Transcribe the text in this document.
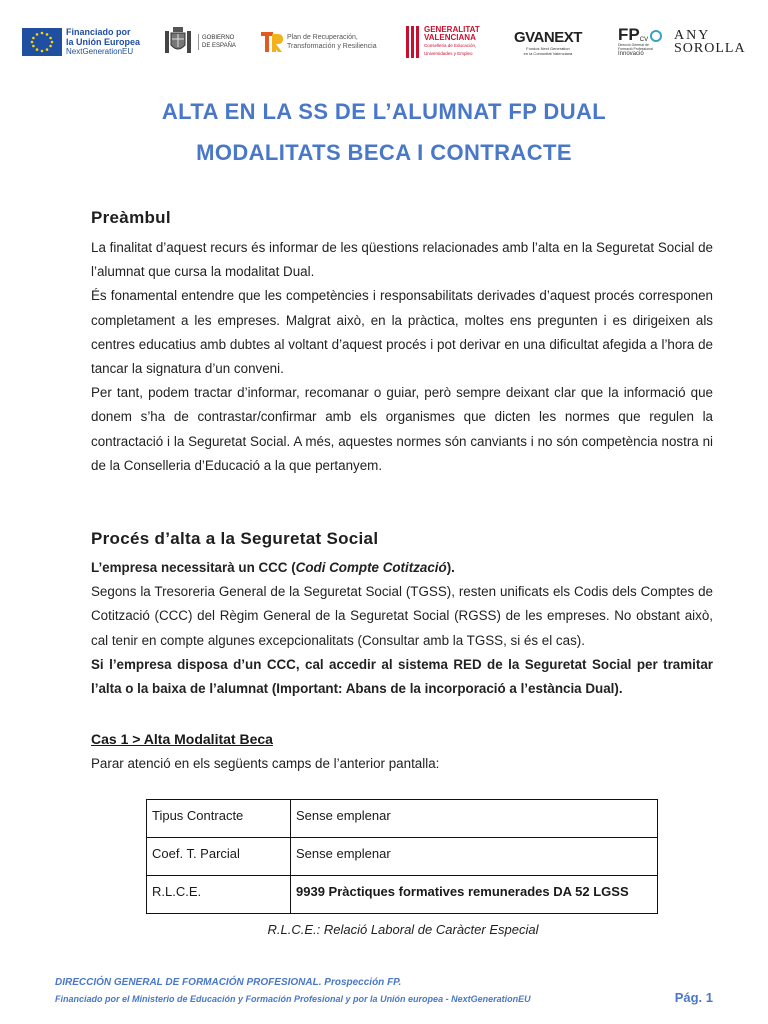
Financiado por
la Unión Europea
NextGenerationEU
GOBIERNO
DE ESPAÑA
Plan de Recuperación,
Transformación y Resiliencia
GENERALITAT
VALENCIANA
Conselleria de Educación,
Universidades y Empleo
GVANEXT
Fondos Next Generation
en la Comunitat Valenciana
FP CV
Direcció General de
Formació Professional
Innovació
ANY
SOROLLA
ALTA EN LA SS DE L’ALUMNAT FP DUAL
MODALITATS BECA I CONTRACTE
Preàmbul

La finalitat d’aquest recurs és informar de les qüestions relacionades amb l’alta en la Seguretat Social de l’alumnat que cursa la modalitat Dual.

És fonamental entendre que les competències i responsabilitats derivades d’aquest procés corresponen completament a les empreses. Malgrat això, en la pràctica, moltes ens pregunten i es dirigeixen als centres educatius amb dubtes al voltant d’aquest procés i pot derivar en una dificultat afegida a l’hora de tancar la signatura d’un conveni.

Per tant, podem tractar d’informar, recomanar o guiar, però sempre deixant clar que la informació que donem s’ha de contrastar/confirmar amb els organismes que dicten les normes que regulen la contractació i la Seguretat Social. A més, aquestes normes són canviants i no són competència nostra ni de la Conselleria d’Educació a la que pertanyem.

Procés d’alta a la Seguretat Social

L’empresa necessitarà un CCC (Codi Compte Cotització).

Segons la Tresoreria General de la Seguretat Social (TGSS), resten unificats els Codis dels Comptes de Cotització (CCC) del Règim General de la Seguretat Social (RGSS) de les empreses. No obstant això, cal tenir en compte algunes excepcionalitats (Consultar amb la TGSS, si és el cas).

Si l’empresa disposa d’un CCC, cal accedir al sistema RED de la Seguretat Social per tramitar l’alta o la baixa de l’alumnat (Important: Abans de la incorporació a l’estància Dual).

Cas 1 > Alta Modalitat Beca
Parar atenció en els següents camps de l’anterior pantalla:
Tipus Contracte	Sense emplenar
Coef. T. Parcial	Sense emplenar
R.L.C.E.	9939 Pràctiques formatives remunerades DA 52 LGSS
R.L.C.E.: Relació Laboral de Caràcter Especial
DIRECCIÓN GENERAL DE FORMACIÓN PROFESIONAL. Prospección FP.
Financiado por el Ministerio de Educación y Formación Profesional y por la Unión europea - NextGenerationEU	Pág. 1
